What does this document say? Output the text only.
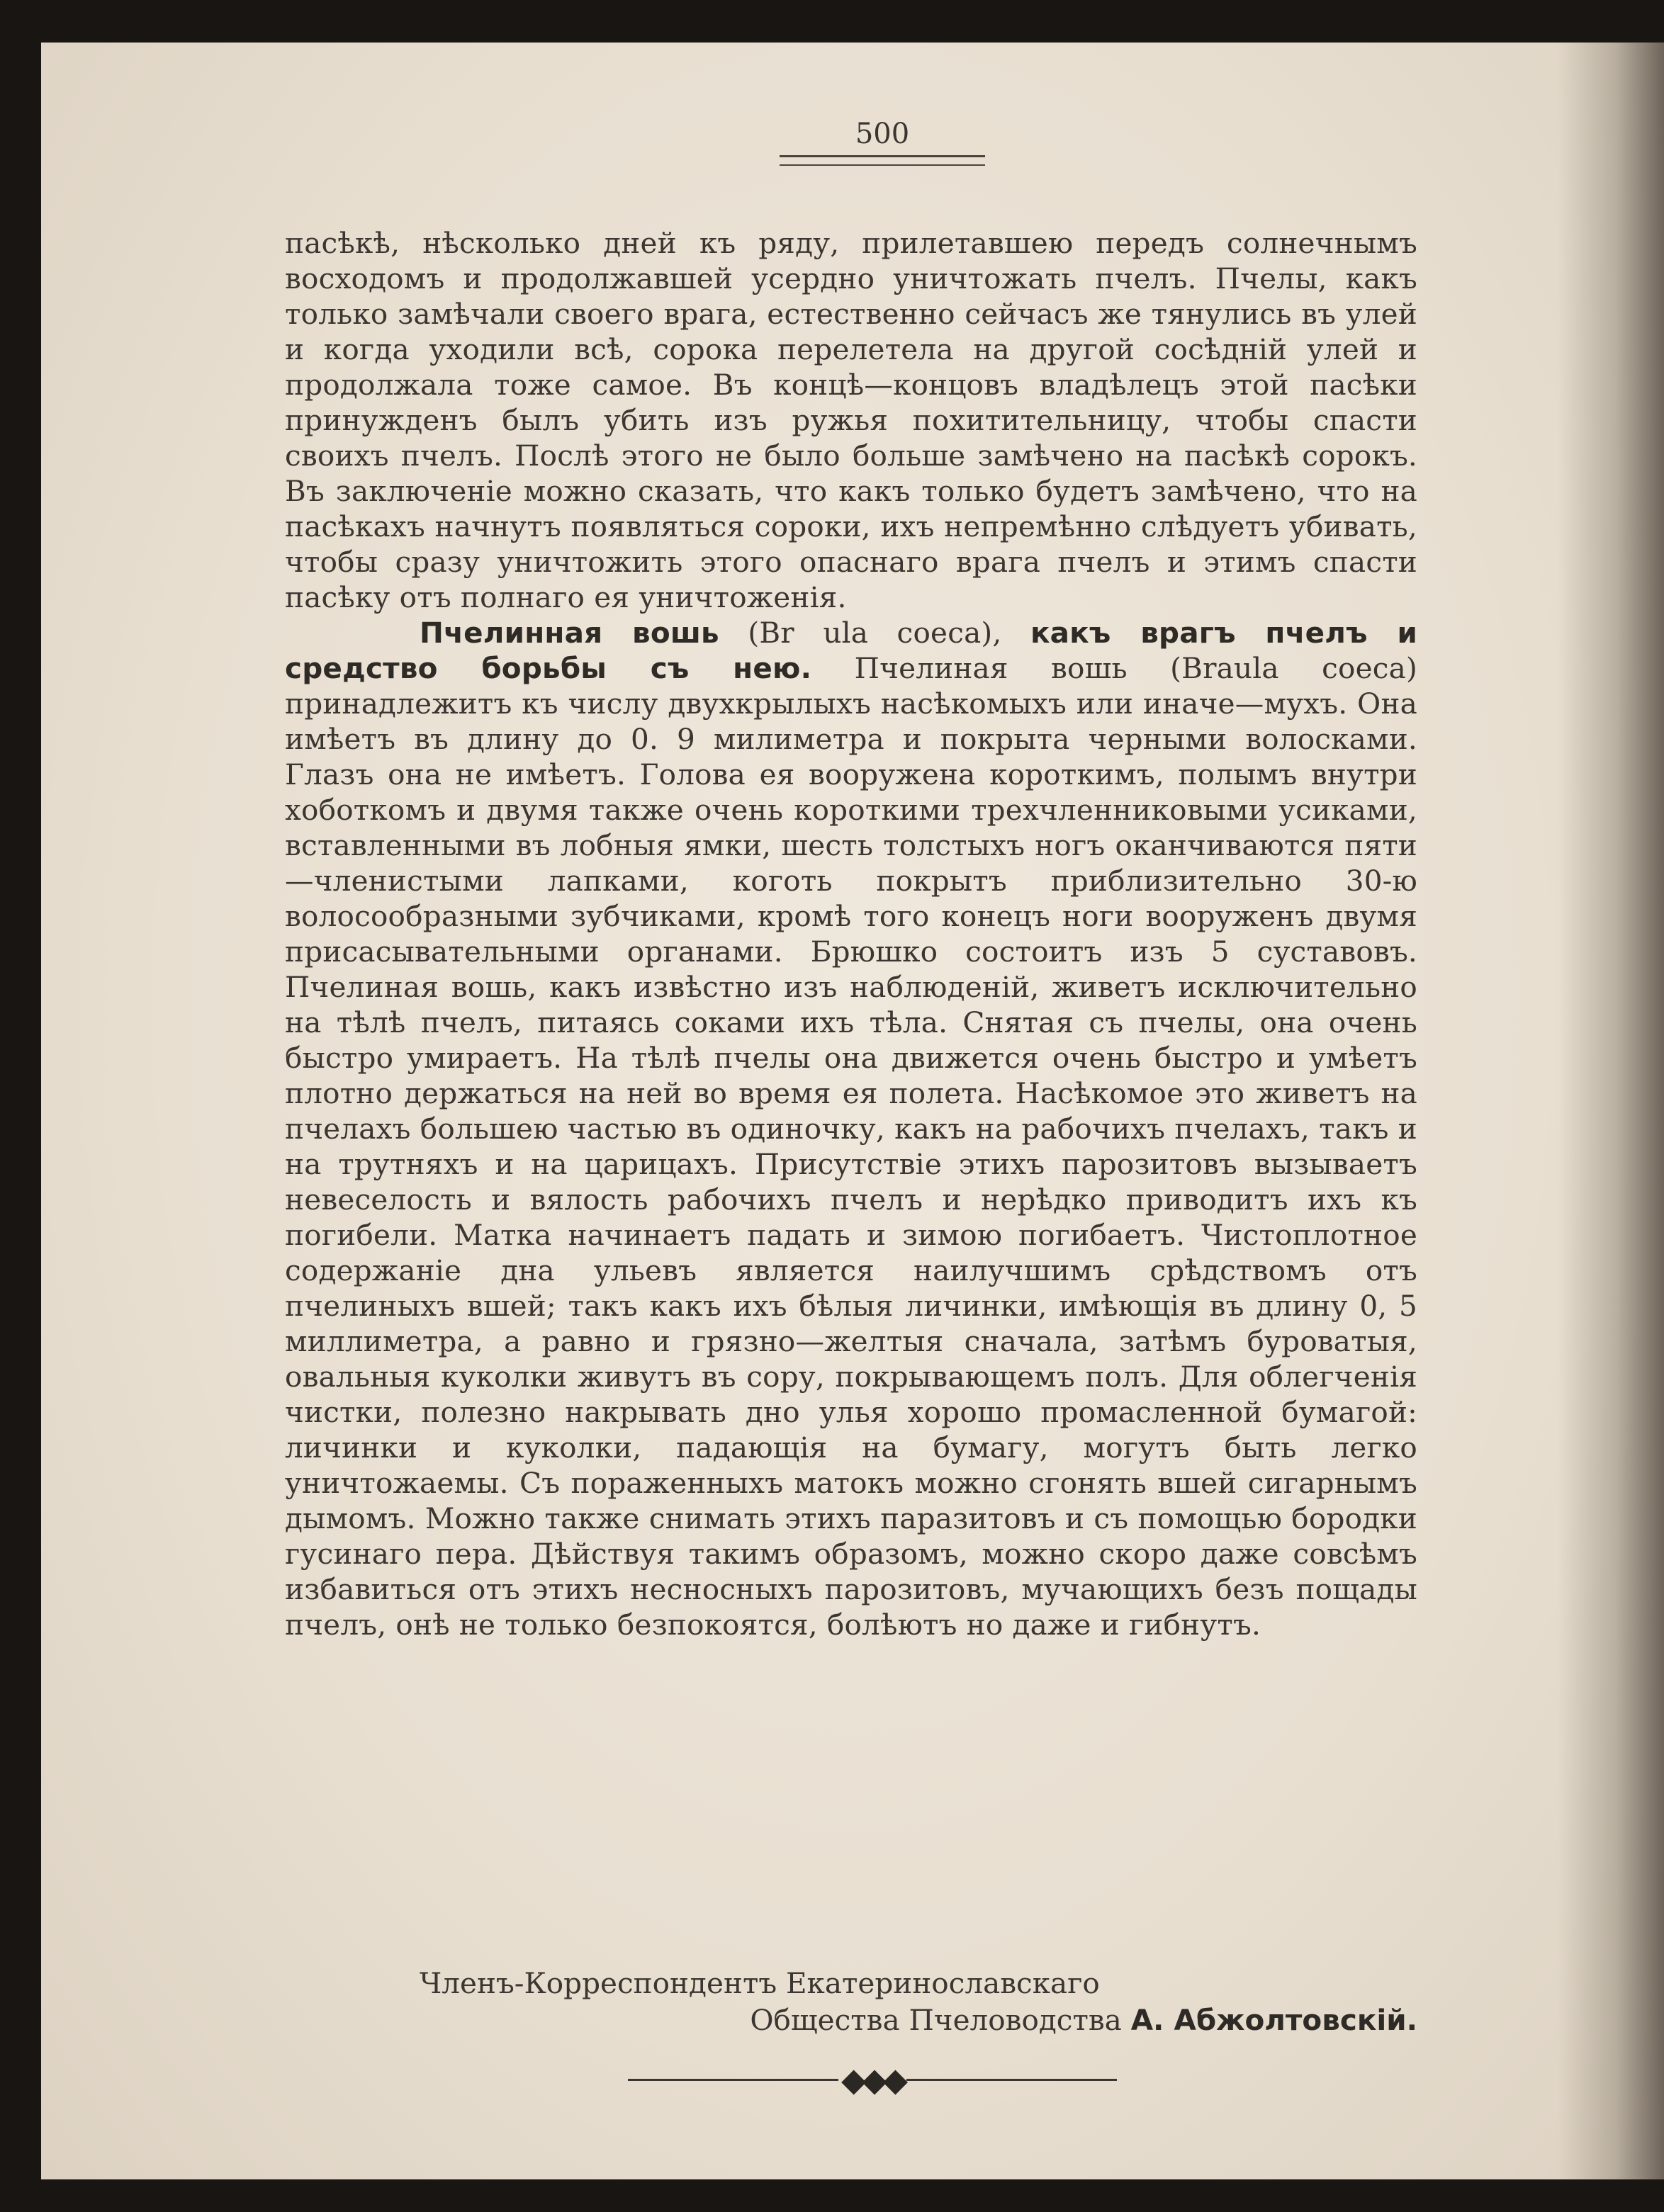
500

пасѣкѣ, нѣсколько дней къ ряду, прилетавшею передъ солнечнымъ восходомъ и продолжавшей усердно уничтожать пчелъ. Пчелы, какъ только замѣчали своего врага, естественно сейчасъ же тянулись въ улей и когда уходили всѣ, сорока перелетела на другой сосѣдній улей и продолжала тоже самое. Въ концѣ—концовъ владѣлецъ этой пасѣки принужденъ былъ убить изъ ружья похитительницу, чтобы спасти своихъ пчелъ. Послѣ этого не было больше замѣчено на пасѣкѣ сорокъ. Въ заключеніе можно сказать, что какъ только будетъ замѣчено, что на пасѣкахъ начнутъ появляться сороки, ихъ непремѣнно слѣдуетъ убивать, чтобы сразу уничтожить этого опаснаго врага пчелъ и этимъ спасти пасѣку отъ полнаго ея уничтоженія.

Пчелинная вошь (Br ula coeca), какъ врагъ пчелъ и средство борьбы съ нею. Пчелиная вошь (Braula coeca) принадлежитъ къ числу двухкрылыхъ насѣкомыхъ или иначе—мухъ. Она имѣетъ въ длину до 0. 9 милиметра и покрыта черными волосками. Глазъ она не имѣетъ. Голова ея вооружена короткимъ, полымъ внутри хоботкомъ и двумя также очень короткими трехчленниковыми усиками, вставленными въ лобныя ямки, шесть толстыхъ ногъ оканчиваются пяти—членистыми лапками, коготь покрытъ приблизительно 30-ю волосообразными зубчиками, кромѣ того конецъ ноги вооруженъ двумя присасывательными органами. Брюшко состоитъ изъ 5 суставовъ. Пчелиная вошь, какъ извѣстно изъ наблюденій, живетъ исключительно на тѣлѣ пчелъ, питаясь соками ихъ тѣла. Снятая съ пчелы, она очень быстро умираетъ. На тѣлѣ пчелы она движется очень быстро и умѣетъ плотно держаться на ней во время ея полета. Насѣкомое это живетъ на пчелахъ большею частью въ одиночку, какъ на рабочихъ пчелахъ, такъ и на трутняхъ и на царицахъ. Присутствіе этихъ парозитовъ вызываетъ невеселость и вялость рабочихъ пчелъ и нерѣдко приводитъ ихъ къ погибели. Матка начинаетъ падать и зимою погибаетъ. Чистоплотное содержаніе дна ульевъ является наилучшимъ срѣдствомъ отъ пчелиныхъ вшей; такъ какъ ихъ бѣлыя личинки, имѣющія въ длину 0, 5 миллиметра, а равно и грязно—желтыя сначала, затѣмъ буроватыя, овальныя куколки живутъ въ сору, покрывающемъ полъ. Для облегченія чистки, полезно накрывать дно улья хорошо промасленной бумагой: личинки и куколки, падающія на бумагу, могутъ быть легко уничтожаемы. Съ пораженныхъ матокъ можно сгонять вшей сигарнымъ дымомъ. Можно также снимать этихъ паразитовъ и съ помощью бородки гусинаго пера. Дѣйствуя такимъ образомъ, можно скоро даже совсѣмъ избавиться отъ этихъ несносныхъ парозитовъ, мучающихъ безъ пощады пчелъ, онѣ не только безпокоятся, болѣютъ но даже и гибнутъ.

Членъ-Корреспондентъ Екатеринославскаго
Общества Пчеловодства А. Абжолтовскій.
◆◆◆
